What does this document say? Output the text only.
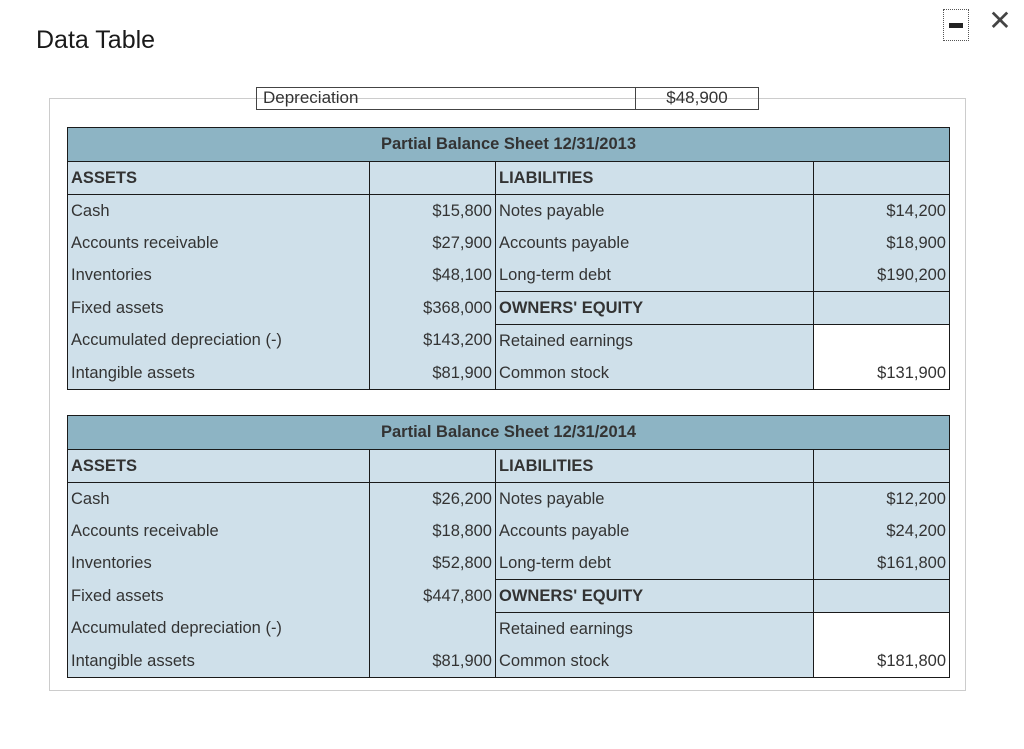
Data Table
✕
Depreciation	$48,900
Partial Balance Sheet 12/31/2013			
ASSETS		LIABILITIES	
Cash	$15,800	Notes payable	$14,200
Accounts receivable	$27,900	Accounts payable	$18,900
Inventories	$48,100	Long-term debt	$190,200
Fixed assets	$368,000	OWNERS' EQUITY	
Accumulated depreciation (-)	$143,200	Retained earnings	
Intangible assets	$81,900	Common stock	$131,900
Partial Balance Sheet 12/31/2014			
ASSETS		LIABILITIES	
Cash	$26,200	Notes payable	$12,200
Accounts receivable	$18,800	Accounts payable	$24,200
Inventories	$52,800	Long-term debt	$161,800
Fixed assets	$447,800	OWNERS' EQUITY	
Accumulated depreciation (-)		Retained earnings	
Intangible assets	$81,900	Common stock	$181,800
